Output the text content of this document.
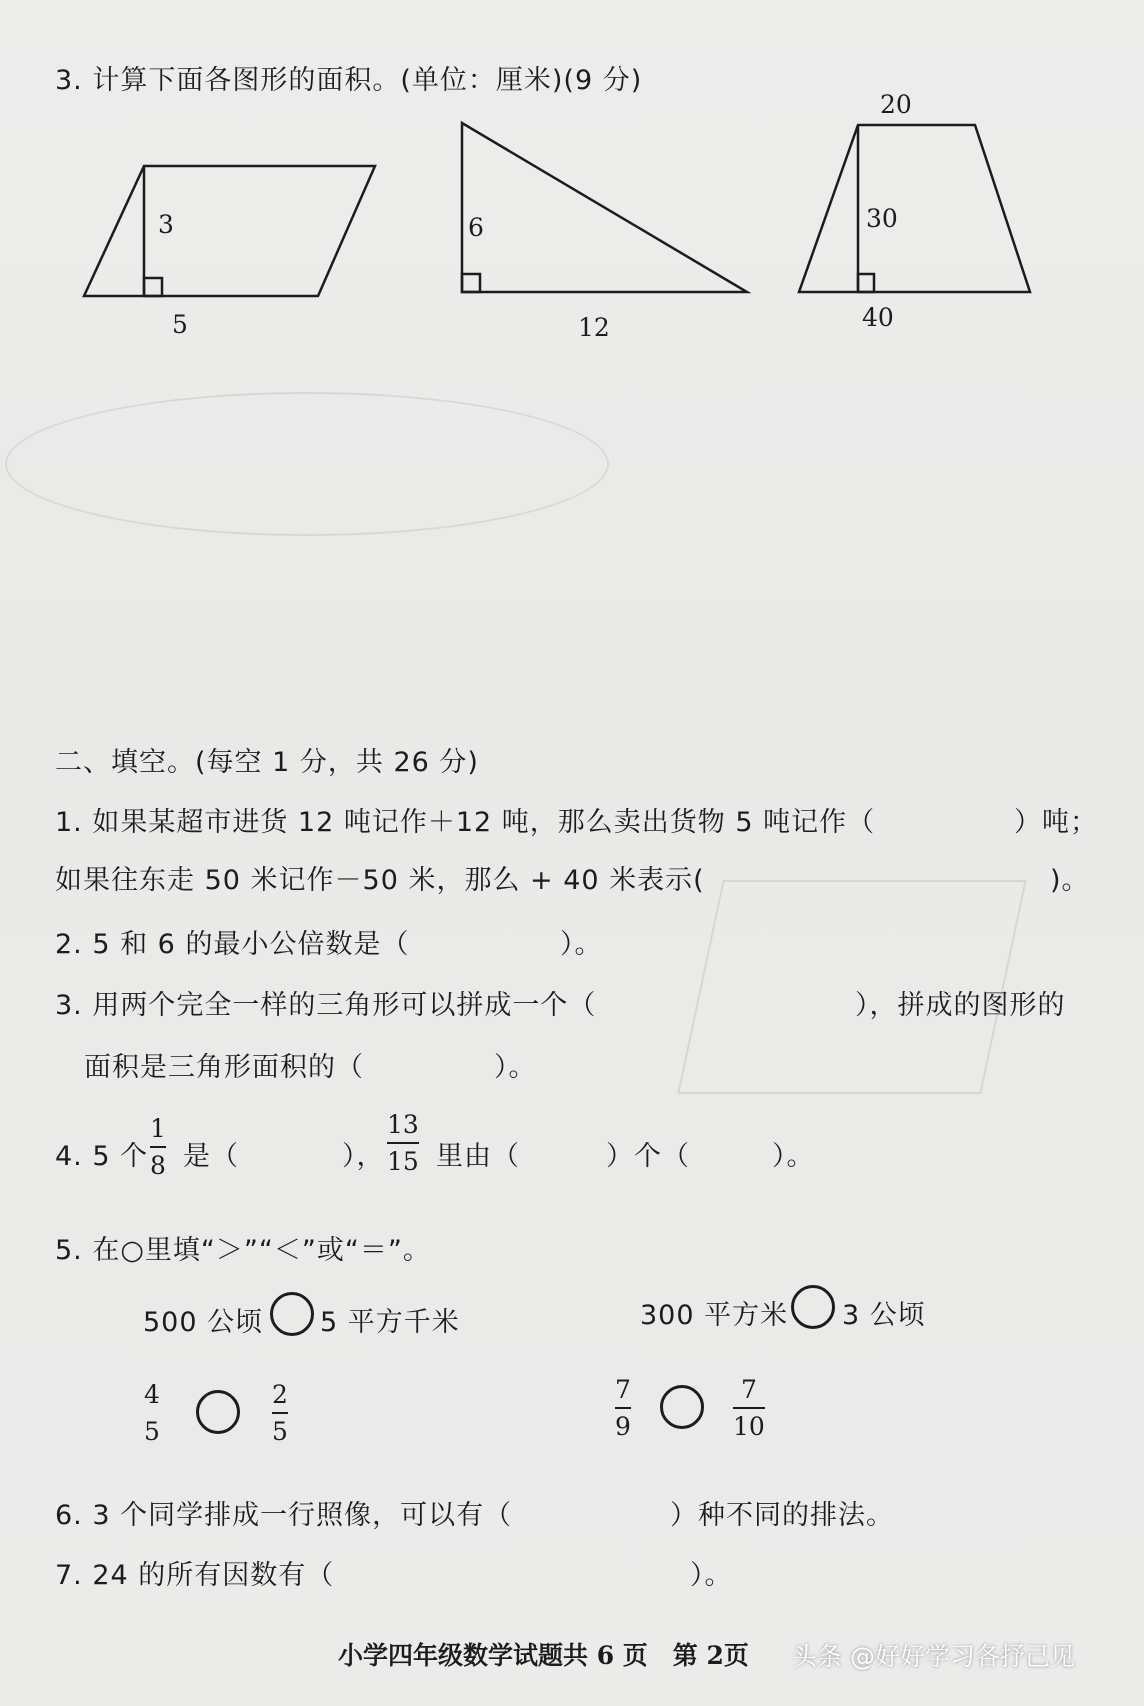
3. 计算下面各图形的面积。(单位：厘米)(9 分)
3
5
6
12
20
30
40
二、填空。(每空 1 分，共 26 分)
1. 如果某超市进货 12 吨记作＋12 吨，那么卖出货物 5 吨记作（	）吨；
如果往东走 50 米记作－50 米，那么 + 40 米表示(	)。
2. 5 和 6 的最小公倍数是（	）。
3. 用两个完全一样的三角形可以拼成一个（	），拼成的图形的
面积是三角形面积的（	）。
4. 5 个
1
8 是（	），
13
15 里由（	）个（	）。
5. 在○里填“＞”“＜”或“＝”。
500 公顷 5 平方千米	300 平方米 3 公顷
4
5
2
5
7
9
7
10
6. 3 个同学排成一行照像，可以有（	）种不同的排法。
7. 24 的所有因数有（	）。
小学四年级数学试题共 6 页　第 2页 头条 @好好学习各抒己见
